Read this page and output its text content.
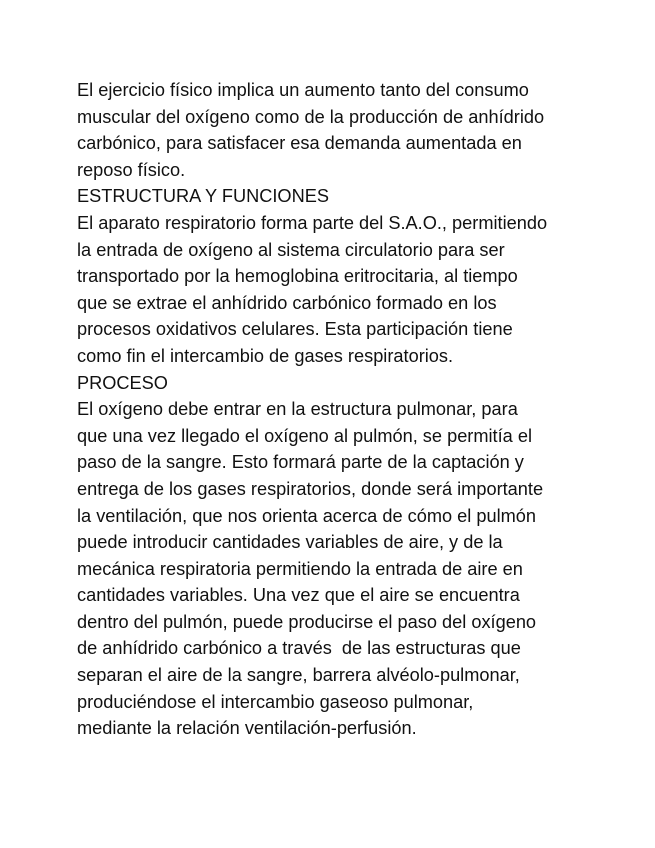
El ejercicio físico implica un aumento tanto del consumo
muscular del oxígeno como de la producción de anhídrido
carbónico, para satisfacer esa demanda aumentada en
reposo físico.
ESTRUCTURA Y FUNCIONES
El aparato respiratorio forma parte del S.A.O., permitiendo
la entrada de oxígeno al sistema circulatorio para ser
transportado por la hemoglobina eritrocitaria, al tiempo
que se extrae el anhídrido carbónico formado en los
procesos oxidativos celulares. Esta participación tiene
como fin el intercambio de gases respiratorios.
PROCESO
El oxígeno debe entrar en la estructura pulmonar, para
que una vez llegado el oxígeno al pulmón, se permitía el
paso de la sangre. Esto formará parte de la captación y
entrega de los gases respiratorios, donde será importante
la ventilación, que nos orienta acerca de cómo el pulmón
puede introducir cantidades variables de aire, y de la
mecánica respiratoria permitiendo la entrada de aire en
cantidades variables. Una vez que el aire se encuentra
dentro del pulmón, puede producirse el paso del oxígeno
de anhídrido carbónico a través  de las estructuras que
separan el aire de la sangre, barrera alvéolo-pulmonar,
produciéndose el intercambio gaseoso pulmonar,
mediante la relación ventilación-perfusión.
